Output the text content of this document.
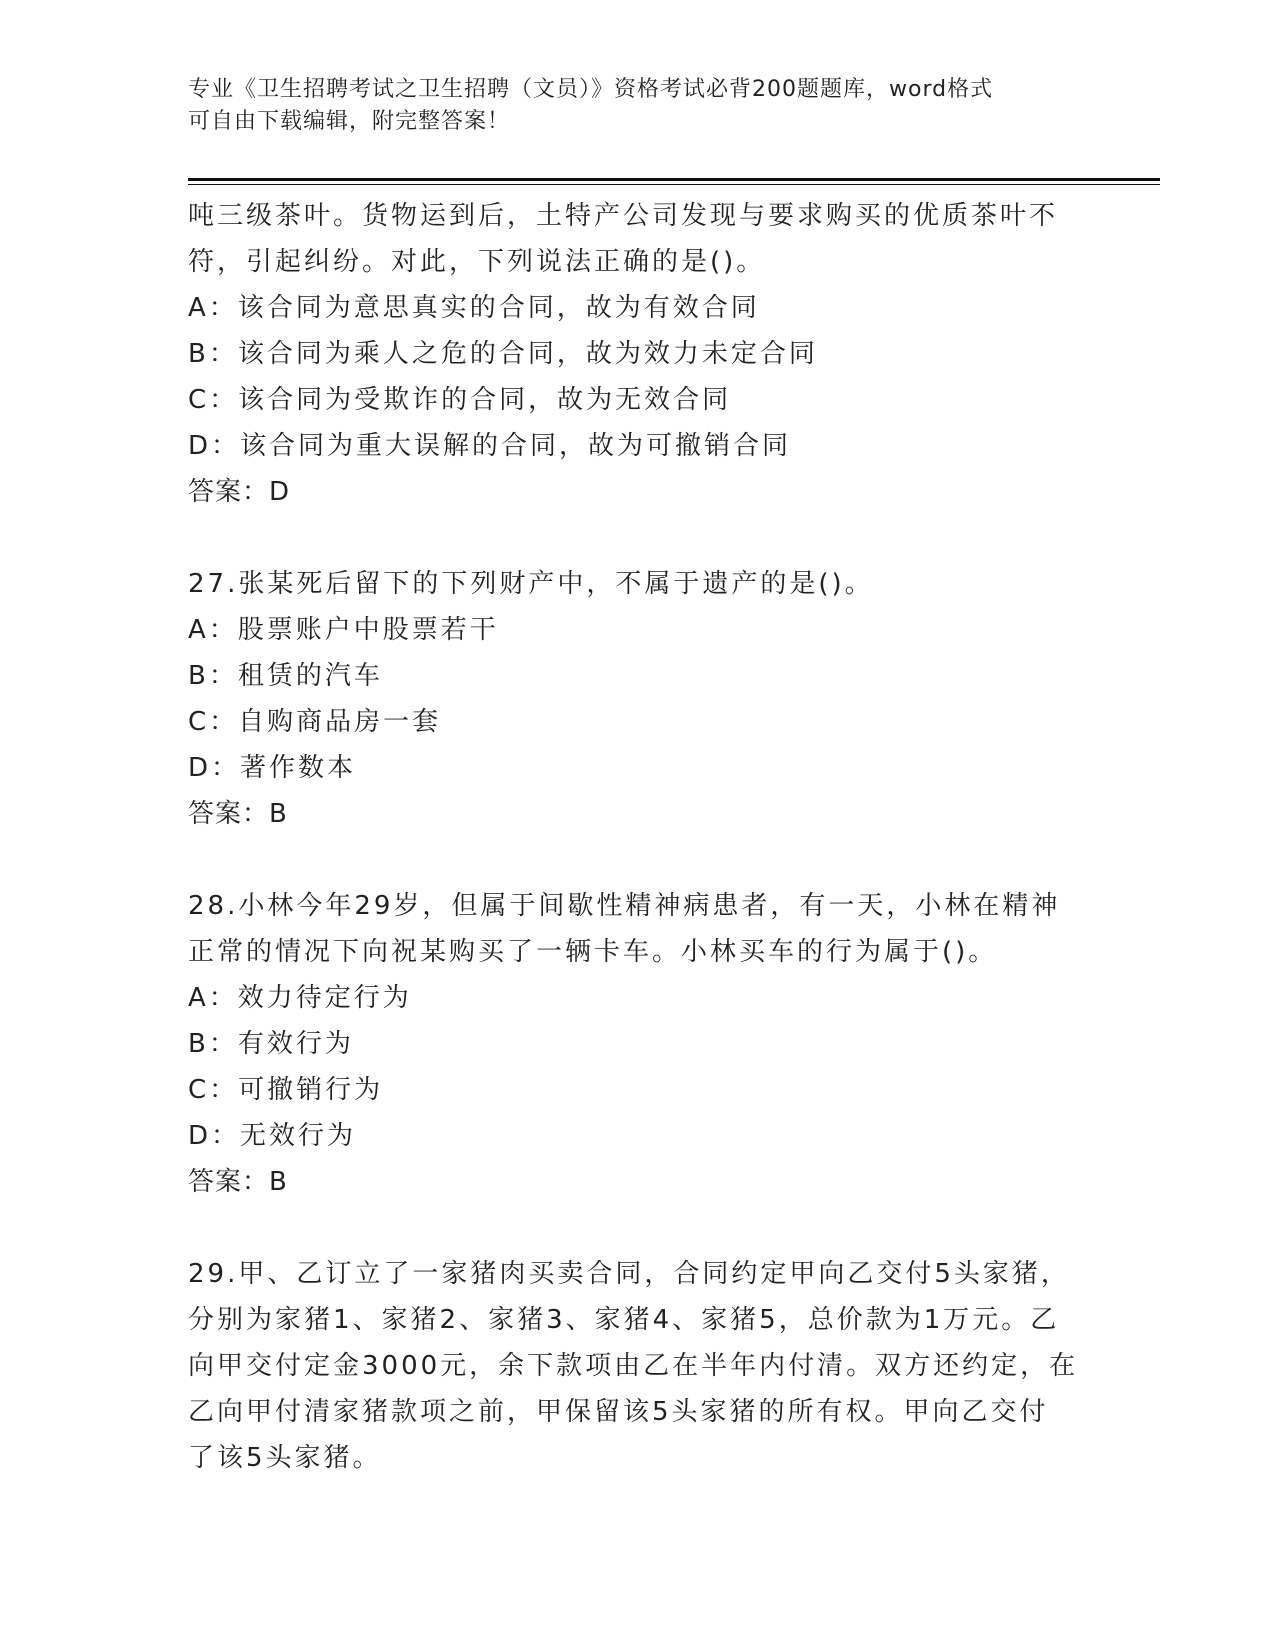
专业《卫生招聘考试之卫生招聘（文员）》资格考试必背200题题库，word格式
可自由下载编辑，附完整答案！
吨三级茶叶。货物运到后，土特产公司发现与要求购买的优质茶叶不
符，引起纠纷。对此，下列说法正确的是()。
A：该合同为意思真实的合同，故为有效合同
B：该合同为乘人之危的合同，故为效力未定合同
C：该合同为受欺诈的合同，故为无效合同
D：该合同为重大误解的合同，故为可撤销合同
答案：D
27.张某死后留下的下列财产中，不属于遗产的是()。
A：股票账户中股票若干
B：租赁的汽车
C：自购商品房一套
D：著作数本
答案：B
28.小林今年29岁，但属于间歇性精神病患者，有一天，小林在精神
正常的情况下向祝某购买了一辆卡车。小林买车的行为属于()。
A：效力待定行为
B：有效行为
C：可撤销行为
D：无效行为
答案：B
29.甲、乙订立了一家猪肉买卖合同，合同约定甲向乙交付5头家猪，
分别为家猪1、家猪2、家猪3、家猪4、家猪5，总价款为1万元。乙
向甲交付定金3000元，余下款项由乙在半年内付清。双方还约定，在
乙向甲付清家猪款项之前，甲保留该5头家猪的所有权。甲向乙交付
了该5头家猪。
